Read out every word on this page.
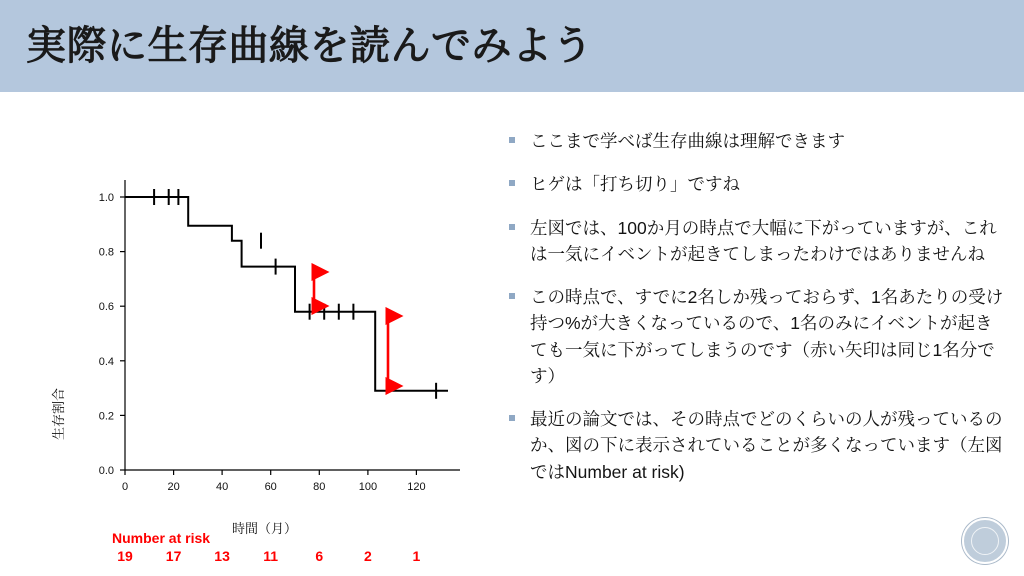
実際に生存曲線を読んでみよう
1.0
0.8
0.6
0.4
0.2
0.0
0	20	40	60	80	100	120
生存割合
時間（月）
Number at risk
19 17 13 11	6	2	1
ここまで学べば生存曲線は理解できます
ヒゲは「打ち切り」ですね
左図では、100か月の時点で大幅に下がっていますが、これは一気にイベントが起きてしまったわけではありませんね
この時点で、すでに2名しか残っておらず、1名あたりの受け持つ%が大きくなっているので、1名のみにイベントが起きても一気に下がってしまうのです（赤い矢印は同じ1名分です）
最近の論文では、その時点でどのくらいの人が残っているのか、図の下に表示されていることが多くなっています（左図ではNumber at risk)
